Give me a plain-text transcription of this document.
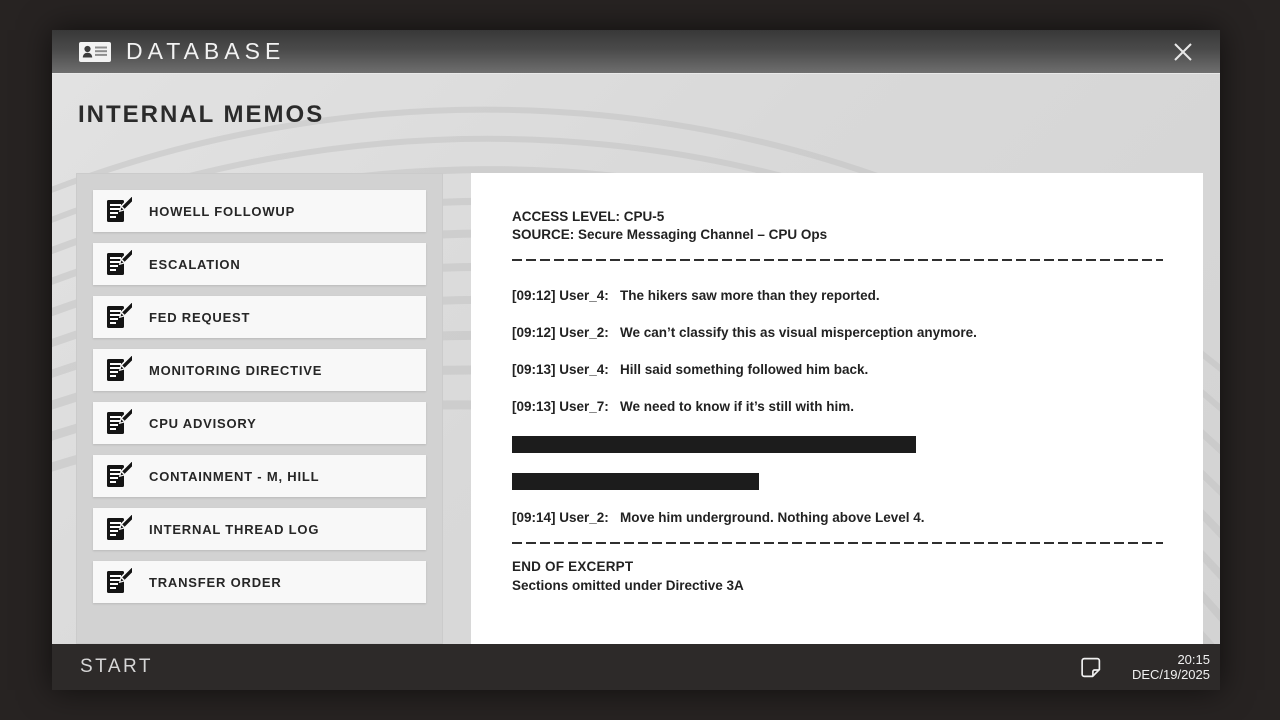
DATABASE
INTERNAL MEMOS
HOWELL FOLLOWUP
ESCALATION
FED REQUEST
MONITORING DIRECTIVE
CPU ADVISORY
CONTAINMENT - M, HILL
INTERNAL THREAD LOG
TRANSFER ORDER
ACCESS LEVEL: CPU-5
SOURCE: Secure Messaging Channel – CPU Ops
[09:12] User_4: The hikers saw more than they reported.
[09:12] User_2: We can’t classify this as visual misperception anymore.
[09:13] User_4: Hill said something followed him back.
[09:13] User_7: We need to know if it’s still with him.
[09:14] User_2: Move him underground. Nothing above Level 4.
END OF EXCERPT
Sections omitted under Directive 3A
START	20:15
DEC/19/2025
